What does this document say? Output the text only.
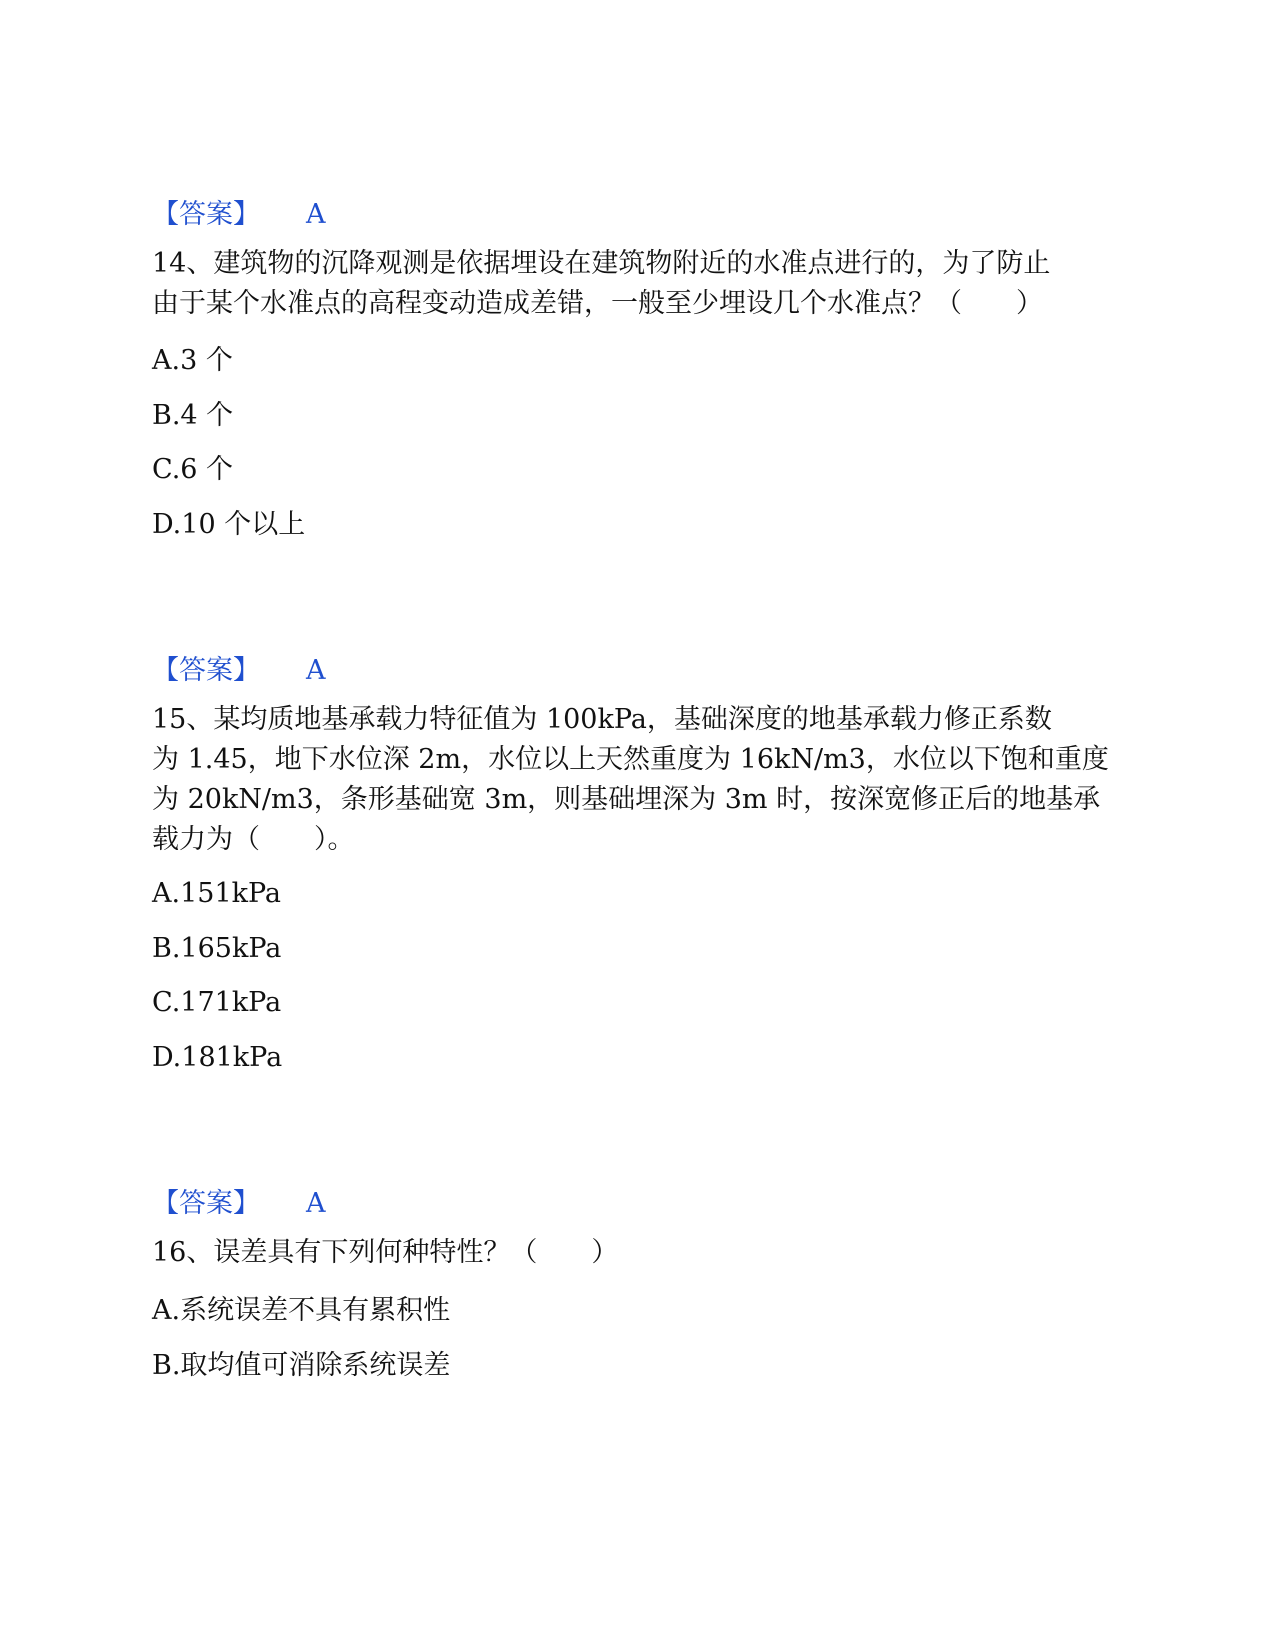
【答案】 A
14、建筑物的沉降观测是依据埋设在建筑物附近的水准点进行的，为了防止
由于某个水准点的高程变动造成差错，一般至少埋设几个水准点？（　　）
A.3 个
B.4 个
C.6 个
D.10 个以上
【答案】 A
15、某均质地基承载力特征值为 100kPa，基础深度的地基承载力修正系数
为 1.45，地下水位深 2m，水位以上天然重度为 16kN/m3，水位以下饱和重度
为 20kN/m3，条形基础宽 3m，则基础埋深为 3m 时，按深宽修正后的地基承
载力为（　　）。
A.151kPa
B.165kPa
C.171kPa
D.181kPa
【答案】 A
16、误差具有下列何种特性？（　　）
A.系统误差不具有累积性
B.取均值可消除系统误差
